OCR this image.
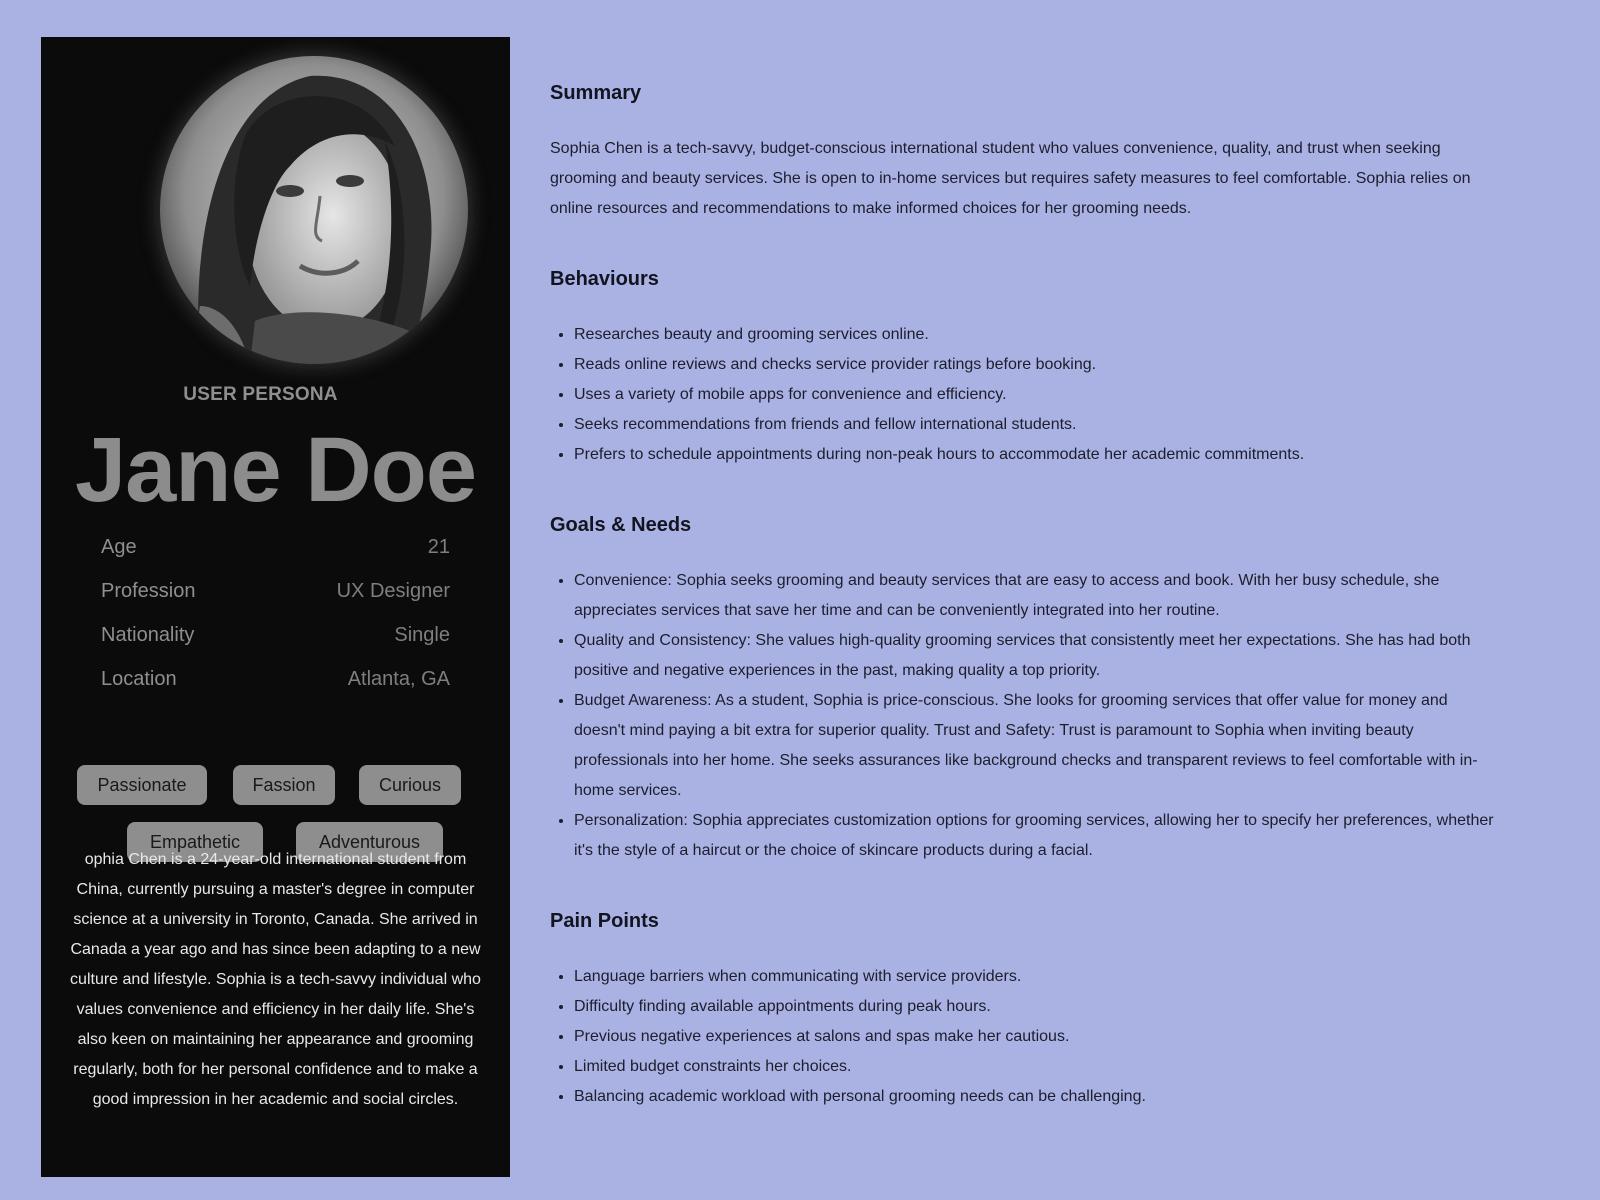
USER PERSONA
Jane Doe
Age	21
Profession	UX Designer
Nationality	Single
Location	Atlanta, GA
Passionate	Fassion	Curious
Empathetic	Adventurous
ophia Chen is a 24-year-old international student from China, currently pursuing a master's degree in computer science at a university in Toronto, Canada. She arrived in Canada a year ago and has since been adapting to a new culture and lifestyle. Sophia is a tech-savvy individual who values convenience and efficiency in her daily life. She's also keen on maintaining her appearance and grooming regularly, both for her personal confidence and to make a good impression in her academic and social circles.
Summary

Sophia Chen is a tech-savvy, budget-conscious international student who values convenience, quality, and trust when seeking grooming and beauty services. She is open to in-home services but requires safety measures to feel comfortable. Sophia relies on online resources and recommendations to make informed choices for her grooming needs.

Behaviours
• Researches beauty and grooming services online.
• Reads online reviews and checks service provider ratings before booking.
• Uses a variety of mobile apps for convenience and efficiency.
• Seeks recommendations from friends and fellow international students.
• Prefers to schedule appointments during non-peak hours to accommodate her academic commitments.
Goals & Needs
• Convenience: Sophia seeks grooming and beauty services that are easy to access and book. With her busy schedule, she appreciates services that save her time and can be conveniently integrated into her routine.
• Quality and Consistency: She values high-quality grooming services that consistently meet her expectations. She has had both positive and negative experiences in the past, making quality a top priority.
• Budget Awareness: As a student, Sophia is price-conscious. She looks for grooming services that offer value for money and doesn't mind paying a bit extra for superior quality. Trust and Safety: Trust is paramount to Sophia when inviting beauty professionals into her home. She seeks assurances like background checks and transparent reviews to feel comfortable with in-home services.
• Personalization: Sophia appreciates customization options for grooming services, allowing her to specify her preferences, whether it's the style of a haircut or the choice of skincare products during a facial.
Pain Points
• Language barriers when communicating with service providers.
• Difficulty finding available appointments during peak hours.
• Previous negative experiences at salons and spas make her cautious.
• Limited budget constraints her choices.
• Balancing academic workload with personal grooming needs can be challenging.
